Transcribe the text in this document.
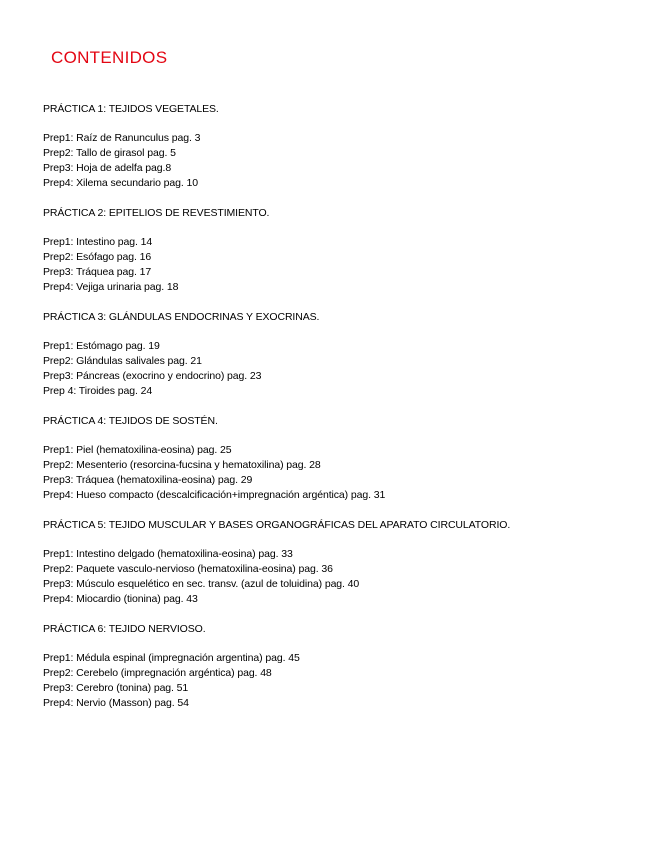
CONTENIDOS
PRÁCTICA 1: TEJIDOS VEGETALES.
Prep1: Raíz de Ranunculus pag. 3
Prep2: Tallo de girasol pag. 5
Prep3: Hoja de adelfa pag.8
Prep4: Xilema secundario pag. 10
PRÁCTICA 2: EPITELIOS DE REVESTIMIENTO.
Prep1: Intestino pag. 14
Prep2: Esófago pag. 16
Prep3: Tráquea pag. 17
Prep4: Vejiga urinaria pag. 18
PRÁCTICA 3: GLÁNDULAS ENDOCRINAS Y EXOCRINAS.
Prep1: Estómago pag. 19
Prep2: Glándulas salivales pag. 21
Prep3: Páncreas (exocrino y endocrino) pag. 23
Prep 4: Tiroides pag. 24
PRÁCTICA 4: TEJIDOS DE SOSTÉN.
Prep1: Piel (hematoxilina-eosina) pag. 25
Prep2: Mesenterio (resorcina-fucsina y hematoxilina) pag. 28
Prep3: Tráquea (hematoxilina-eosina) pag. 29
Prep4: Hueso compacto (descalcificación+impregnación argéntica) pag. 31
PRÁCTICA 5: TEJIDO MUSCULAR Y BASES ORGANOGRÁFICAS DEL APARATO CIRCULATORIO.
Prep1: Intestino delgado (hematoxilina-eosina) pag. 33
Prep2: Paquete vasculo-nervioso (hematoxilina-eosina) pag. 36
Prep3: Músculo esquelético en sec. transv. (azul de toluidina) pag. 40
Prep4: Miocardio (tionina) pag. 43
PRÁCTICA 6: TEJIDO NERVIOSO.
Prep1: Médula espinal (impregnación argentina) pag. 45
Prep2: Cerebelo (impregnación argéntica) pag. 48
Prep3: Cerebro (tonina) pag. 51
Prep4: Nervio (Masson) pag. 54
